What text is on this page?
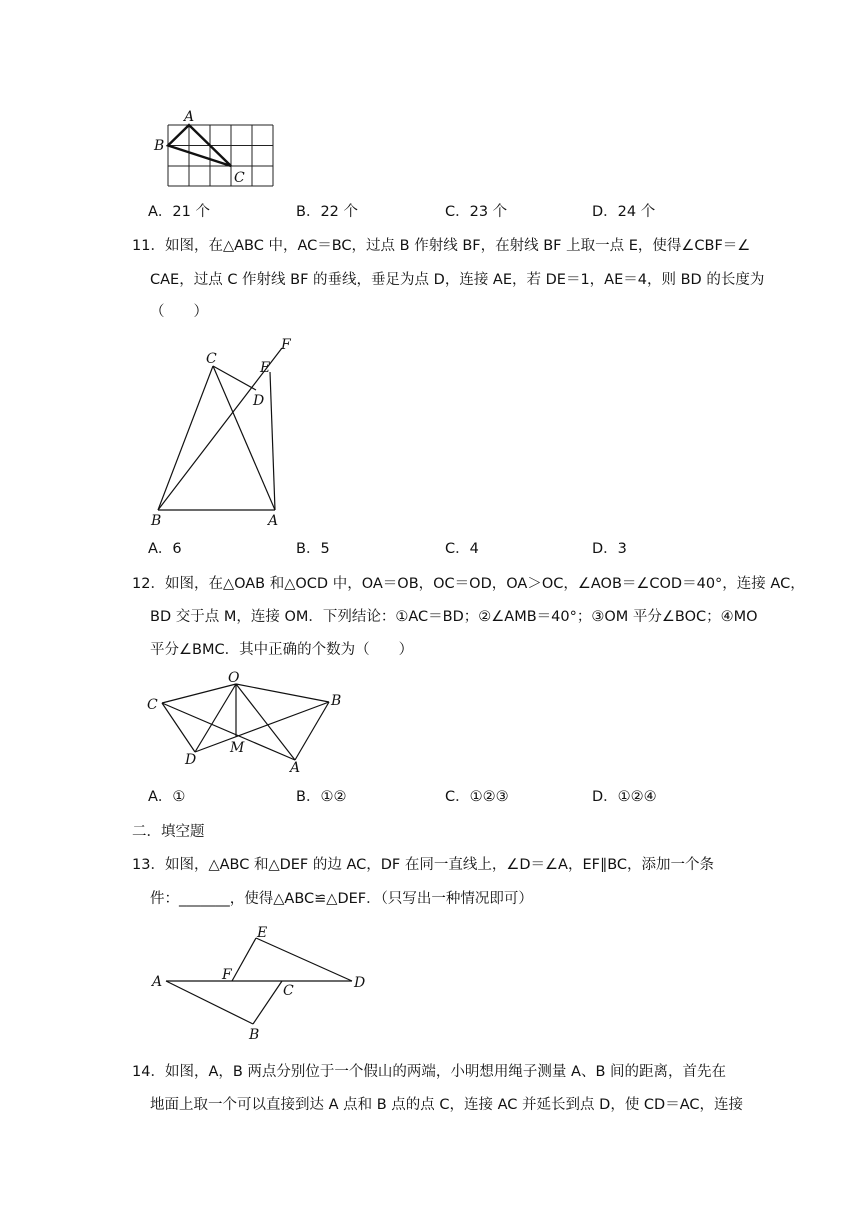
A
B
C
A．21 个	B．22 个	C．23 个	D．24 个
11．如图，在△ABC 中，AC＝BC，过点 B 作射线 BF，在射线 BF 上取一点 E，使得∠CBF＝∠
CAE，过点 C 作射线 BF 的垂线，垂足为点 D，连接 AE，若 DE＝1，AE＝4，则 BD 的长度为
（　　）
C
E
F
D
B	A
A．6	B．5	C．4	D．3
12．如图，在△OAB 和△OCD 中，OA＝OB，OC＝OD，OA＞OC，∠AOB＝∠COD＝40°，连接 AC，
BD 交于点 M，连接 OM．下列结论：①AC＝BD；②∠AMB＝40°；③OM 平分∠BOC；④MO
平分∠BMC．其中正确的个数为（　　）
O
C	B
M
D	A
A．①	B．①②	C．①②③	D．①②④
二．填空题
13．如图，△ABC 和△DEF 的边 AC，DF 在同一直线上，∠D＝∠A，EF∥BC，添加一个条
件：_______，使得△ABC≌△DEF．（只写出一种情况即可）
E
A	F
C	D
B
14．如图，A，B 两点分别位于一个假山的两端，小明想用绳子测量 A、B 间的距离，首先在
地面上取一个可以直接到达 A 点和 B 点的点 C，连接 AC 并延长到点 D，使 CD＝AC，连接
